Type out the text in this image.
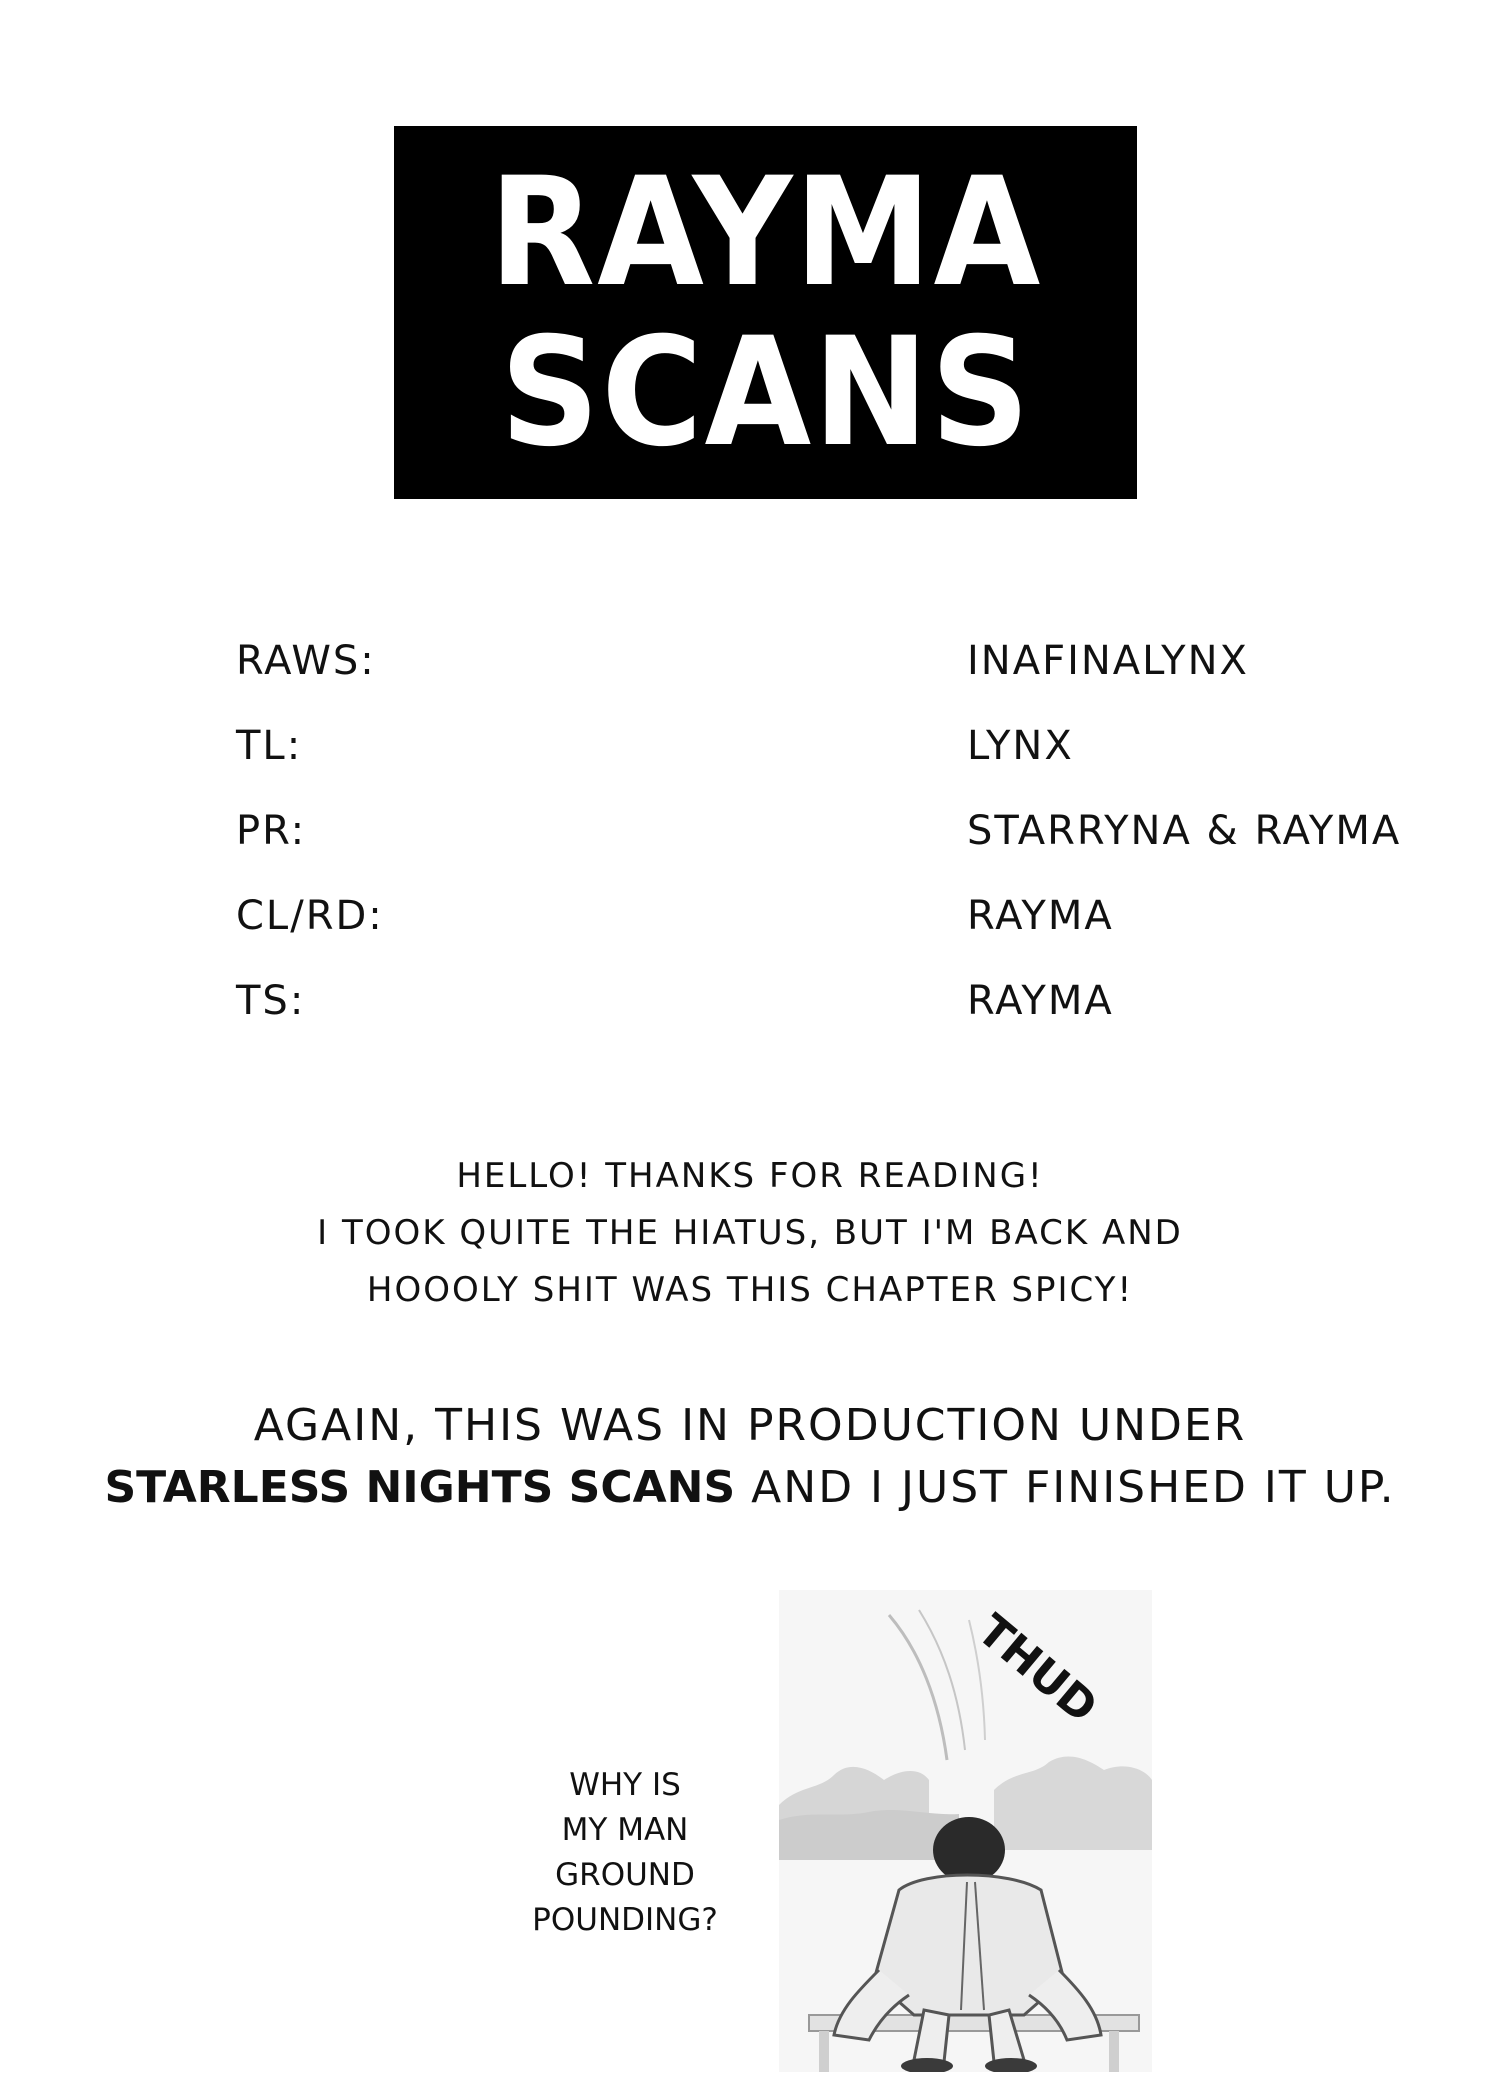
RAYMA
SCANS
RAWS:	INAFINALYNX
TL:	LYNX
PR:	STARRYNA & RAYMA
CL/RD:	RAYMA
TS:	RAYMA
HELLO! THANKS FOR READING!
I TOOK QUITE THE HIATUS, BUT I'M BACK AND
HOOOLY SHIT WAS THIS CHAPTER SPICY!
AGAIN, THIS WAS IN PRODUCTION UNDER
STARLESS NIGHTS SCANS AND I JUST FINISHED IT UP.
WHY IS
MY MAN
GROUND
POUNDING?
THUD
